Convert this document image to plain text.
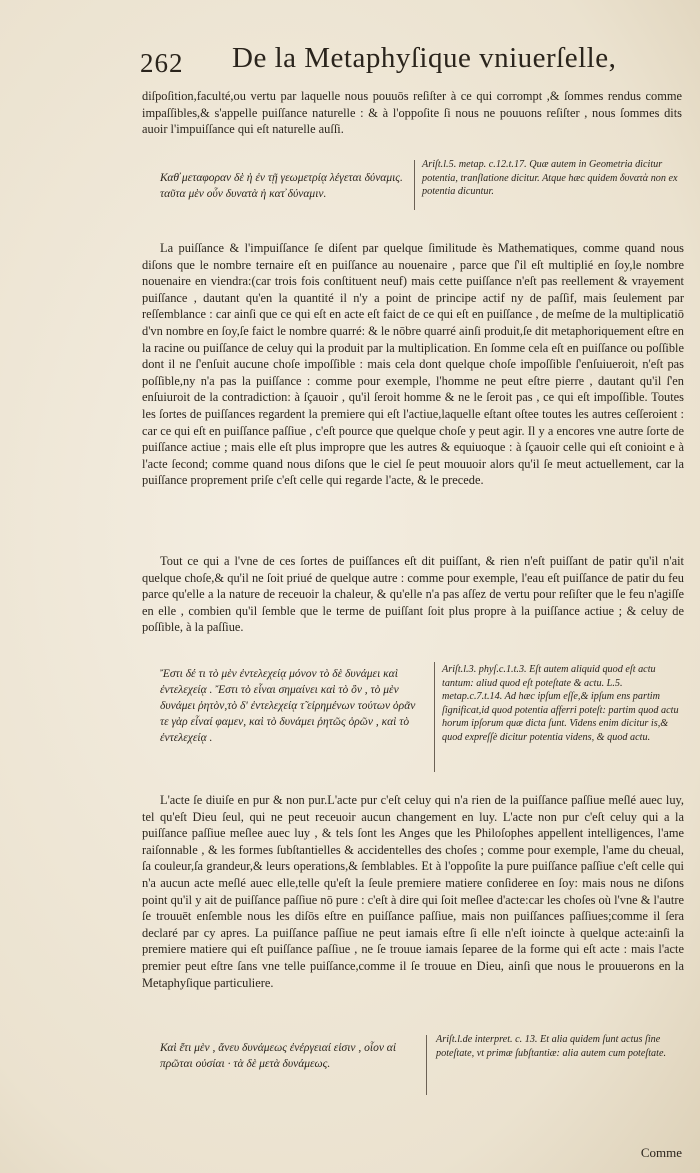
262 De la Metaphyſique vniuerſelle,

diſpoſition,faculté,ou vertu par laquelle nous pouuōs reſiſter à ce qui corrompt ,& ſommes rendus comme impaſſibles,& s'appelle puiſſance naturelle : & à l'oppoſite ſi nous ne pouuons reſiſter , nous ſommes dits auoir l'impuiſſance qui eſt naturelle auſſi.

Καθ̓ μεταφοραν δὲ ἡ ἐν τῇ γεωμετρίᾳ λέγεται δύναμις. ταῦτα μὲν οὖν δυνατὰ ἡ κατ̓ δύναμιν.
Ariſt.l.5. metap. c.12.t.17. Quæ autem in Geometria dicitur potentia, tranſlatione dicitur. Atque hæc quidem δυνατὰ non ex potentia dicuntur.

La puiſſance & l'impuiſſance ſe diſent par quelque ſimilitude ès Mathematiques, comme quand nous diſons que le nombre ternaire eſt en puiſſance au nouenaire , parce que ſ'il eſt multiplié en ſoy,le nombre nouenaire en viendra:(car trois fois conſtituent neuf) mais cette puiſſance n'eſt pas reellement & vrayement puiſſance , dautant qu'en la quantité il n'y a point de principe actif ny de paſſif, mais ſeulement par reſſemblance : car ainſi que ce qui eſt en acte eſt faict de ce qui eſt en puiſſance , de meſme de la multiplicatiō d'vn nombre en ſoy,ſe faict le nombre quarré: & le nōbre quarré ainſi produit,ſe dit metaphoriquement eſtre en la racine ou puiſſance de celuy qui la produit par la multiplication. En ſomme cela eſt en puiſſance ou poſſible dont il ne ſ'enſuit aucune choſe impoſſible : mais cela dont quelque choſe impoſſible ſ'enſuiueroit, n'eſt pas poſſible,ny n'a pas la puiſſance : comme pour exemple, l'homme ne peut eſtre pierre , dautant qu'il ſ'en enſuiuroit de la contradiction: à ſçauoir , qu'il ſeroit homme & ne le ſeroit pas , ce qui eſt impoſſible. Toutes les ſortes de puiſſances regardent la premiere qui eſt l'actiue,laquelle eſtant oſtee toutes les autres ceſſeroient : car ce qui eſt en puiſſance paſſiue , c'eſt pource que quelque choſe y peut agir. Il y a encores vne autre ſorte de puiſſance actiue ; mais elle eſt plus impropre que les autres & equiuoque : à ſçauoir celle qui eſt conioint e à l'acte ſecond; comme quand nous diſons que le ciel ſe peut mouuoir alors qu'il ſe meut actuellement, car la puiſſance proprement priſe c'eſt celle qui regarde l'acte, & le precede.

Tout ce qui a l'vne de ces ſortes de puiſſances eſt dit puiſſant, & rien n'eſt puiſſant de patir qu'il n'ait quelque choſe,& qu'il ne ſoit priué de quelque autre : comme pour exemple, l'eau eſt puiſſance de patir du feu parce qu'elle a la nature de receuoir la chaleur, & qu'elle n'a pas aſſez de vertu pour reſiſter que le feu n'agiſſe en elle , combien qu'il ſemble que le terme de puiſſant ſoit plus propre à la puiſſance actiue ; & celuy de poſſible, à la paſſiue.

Ἔστι δέ τι τὸ μὲν ἐντελεχείᾳ μόνον τὸ δὲ δυνάμει καὶ ἐντελεχείᾳ . Ἔστι τὸ εἶναι σημαίνει καὶ τὸ ὂν , τὸ μὲν δυνάμει ῥητὸν,τὸ δ' ἐντελεχείᾳ τ̃ εἰρημένων τούτων ὁρᾶν τε γὰρ εἶναί φαμεν, καὶ τὸ δυνάμει ῥητῶς ὁρῶν , καὶ τὸ ἐντελεχείᾳ .
Ariſt.l.3. phyſ.c.1.t.3. Eſt autem aliquid quod eſt actu tantum: aliud quod eſt poteſtate & actu. L.5. metap.c.7.t.14. Ad hæc ipſum eſſe,& ipſum ens partim ſignificat,id quod potentia afferri poteſt: partim quod actu horum ipſorum quæ dicta ſunt. Videns enim dicitur is,& quod expreſſè dicitur potentia videns, & quod actu.

L'acte ſe diuiſe en pur & non pur.L'acte pur c'eſt celuy qui n'a rien de la puiſſance paſſiue meſlé auec luy, tel qu'eſt Dieu ſeul, qui ne peut receuoir aucun changement en luy. L'acte non pur c'eſt celuy qui a la puiſſance paſſiue meſlee auec luy , & tels ſont les Anges que les Philoſophes appellent intelligences, l'ame raiſonnable , & les formes ſubſtantielles & accidentelles des choſes ; comme pour exemple, l'ame du cheual, ſa couleur,ſa grandeur,& leurs operations,& ſemblables. Et à l'oppoſite la pure puiſſance paſſiue c'eſt celle qui n'a aucun acte meſlé auec elle,telle qu'eſt la ſeule premiere matiere conſideree en ſoy: mais nous ne diſons point qu'il y ait de puiſſance paſſiue nō pure : c'eſt à dire qui ſoit meſlee d'acte:car les choſes où l'vne & l'autre ſe trouuēt enſemble nous les diſōs eſtre en puiſſance paſſiue, mais non puiſſances paſſiues;comme il ſera declaré par cy apres. La puiſſance paſſiue ne peut iamais eſtre ſi elle n'eſt ioincte à quelque acte:ainſi la premiere matiere qui eſt puiſſance paſſiue , ne ſe trouue iamais ſeparee de la forme qui eſt acte : mais l'acte premier peut eſtre ſans vne telle puiſſance,comme il ſe trouue en Dieu, ainſi que nous le prouuerons en la Metaphyſique particuliere.

Καὶ ἔτι μὲν , ἄνευ δυνάμεως ἐνέργειαί εἰσιν , οἷον αἱ πρῶται οὐσίαι · τὰ δὲ μετὰ δυνάμεως.
Ariſt.l.de interpret. c. 13. Et alia quidem ſunt actus ſine poteſtate, vt primæ ſubſtantiæ: alia autem cum poteſtate.
Comme
